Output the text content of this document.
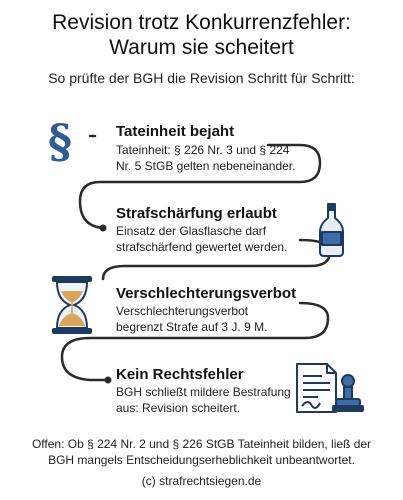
Revision trotz Konkurrenzfehler:
Warum sie scheitert
So prüfte der BGH die Revision Schritt für Schritt:
§	Tateinheit bejaht
Tateinheit: § 226 Nr. 3 und § 224
Nr. 5 StGB gelten nebeneinander.
Strafschärfung erlaubt
Einsatz der Glasflasche darf
strafschärfend gewertet werden.
Verschlechterungsverbot
Verschlechterungsverbot
begrenzt Strafe auf 3 J. 9 M.
Kein Rechtsfehler
BGH schließt mildere Bestrafung
aus: Revision scheitert.
Offen: Ob § 224 Nr. 2 und § 226 StGB Tateinheit bilden, ließ der
BGH mangels Entscheidungserheblichkeit unbeantwortet.
(c) strafrechtsiegen.de
